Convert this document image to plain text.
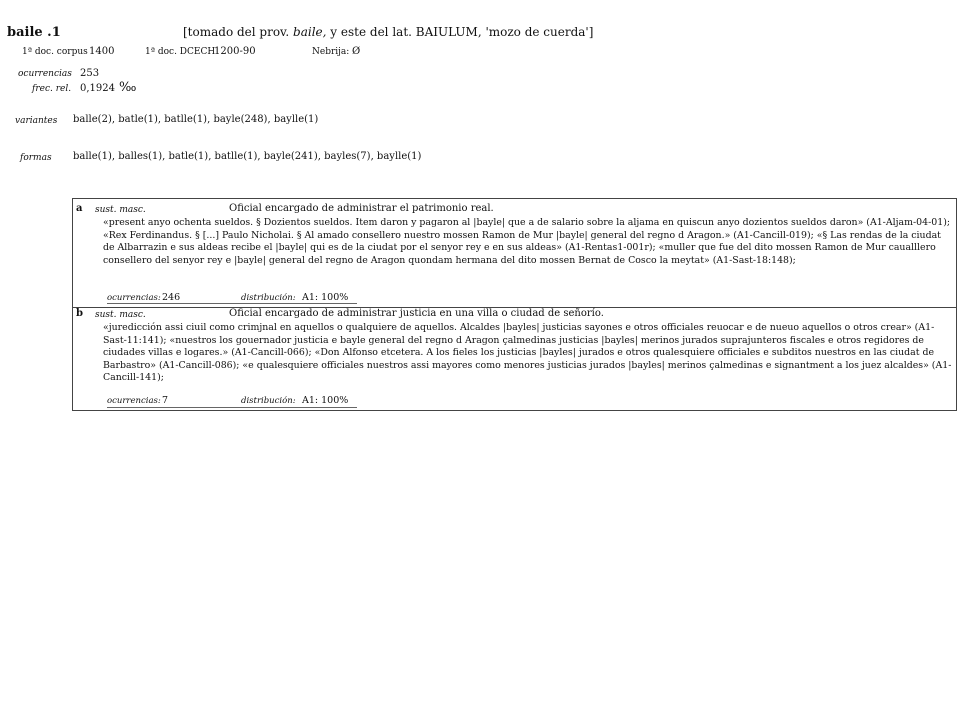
baile .1	[tomado del prov. baile, y este del lat. BAIULUM, 'mozo de cuerda']
1ª doc. corpus 1400	1ª doc. DCECH
1200-90	Nebrija: Ø
ocurrencias 253
frec. rel. 0,1924 ‰
variantes balle(2), batle(1), batlle(1), bayle(248), baylle(1)
formas balle(1), balles(1), batle(1), batlle(1), bayle(241), bayles(7), baylle(1)
a sust. masc.	Oficial encargado de administrar el patrimonio real.
«present anyo ochenta sueldos. § Dozientos sueldos. Item daron y pagaron al |bayle| que a de salario sobre la aljama en quiscun anyo dozientos sueldos daron» (A1-Aljam-04-01); «Rex Ferdinandus. § [...] Paulo Nicholai. § Al amado consellero nuestro mossen Ramon de Mur |bayle| general del regno d Aragon.» (A1-Cancill-019); «§ Las rendas de la ciudat de Albarrazin e sus aldeas recibe el |bayle| qui es de la ciudat por el senyor rey e en sus aldeas» (A1-Rentas1-001r); «muller que fue del dito mossen Ramon de Mur caualllero consellero del senyor rey e |bayle| general del regno de Aragon quondam hermana del dito mossen Bernat de Cosco la meytat» (A1-Sast-18:148);
ocurrencias: 246	distribución: A1: 100%
b sust. masc.	Oficial encargado de administrar justicia en una villa o ciudad de señorío.
«juredicción assi ciuil como crimjnal en aquellos o qualquiere de aquellos. Alcaldes |bayles| justicias sayones e otros officiales reuocar e de nueuo aquellos o otros crear» (A1-Sast-11:141); «nuestros los gouernador justicia e bayle general del regno d Aragon çalmedinas justicias |bayles| merinos jurados suprajunteros fiscales e otros regidores de ciudades villas e logares.» (A1-Cancill-066); «Don Alfonso etcetera. A los fieles los justicias |bayles| jurados e otros qualesquiere officiales e subditos nuestros en las ciudat de Barbastro» (A1-Cancill-086); «e qualesquiere officiales nuestros assi mayores como menores justicias jurados |bayles| merinos çalmedinas e signantment a los juez alcaldes» (A1-Cancill-141);
ocurrencias: 7	distribución: A1: 100%
